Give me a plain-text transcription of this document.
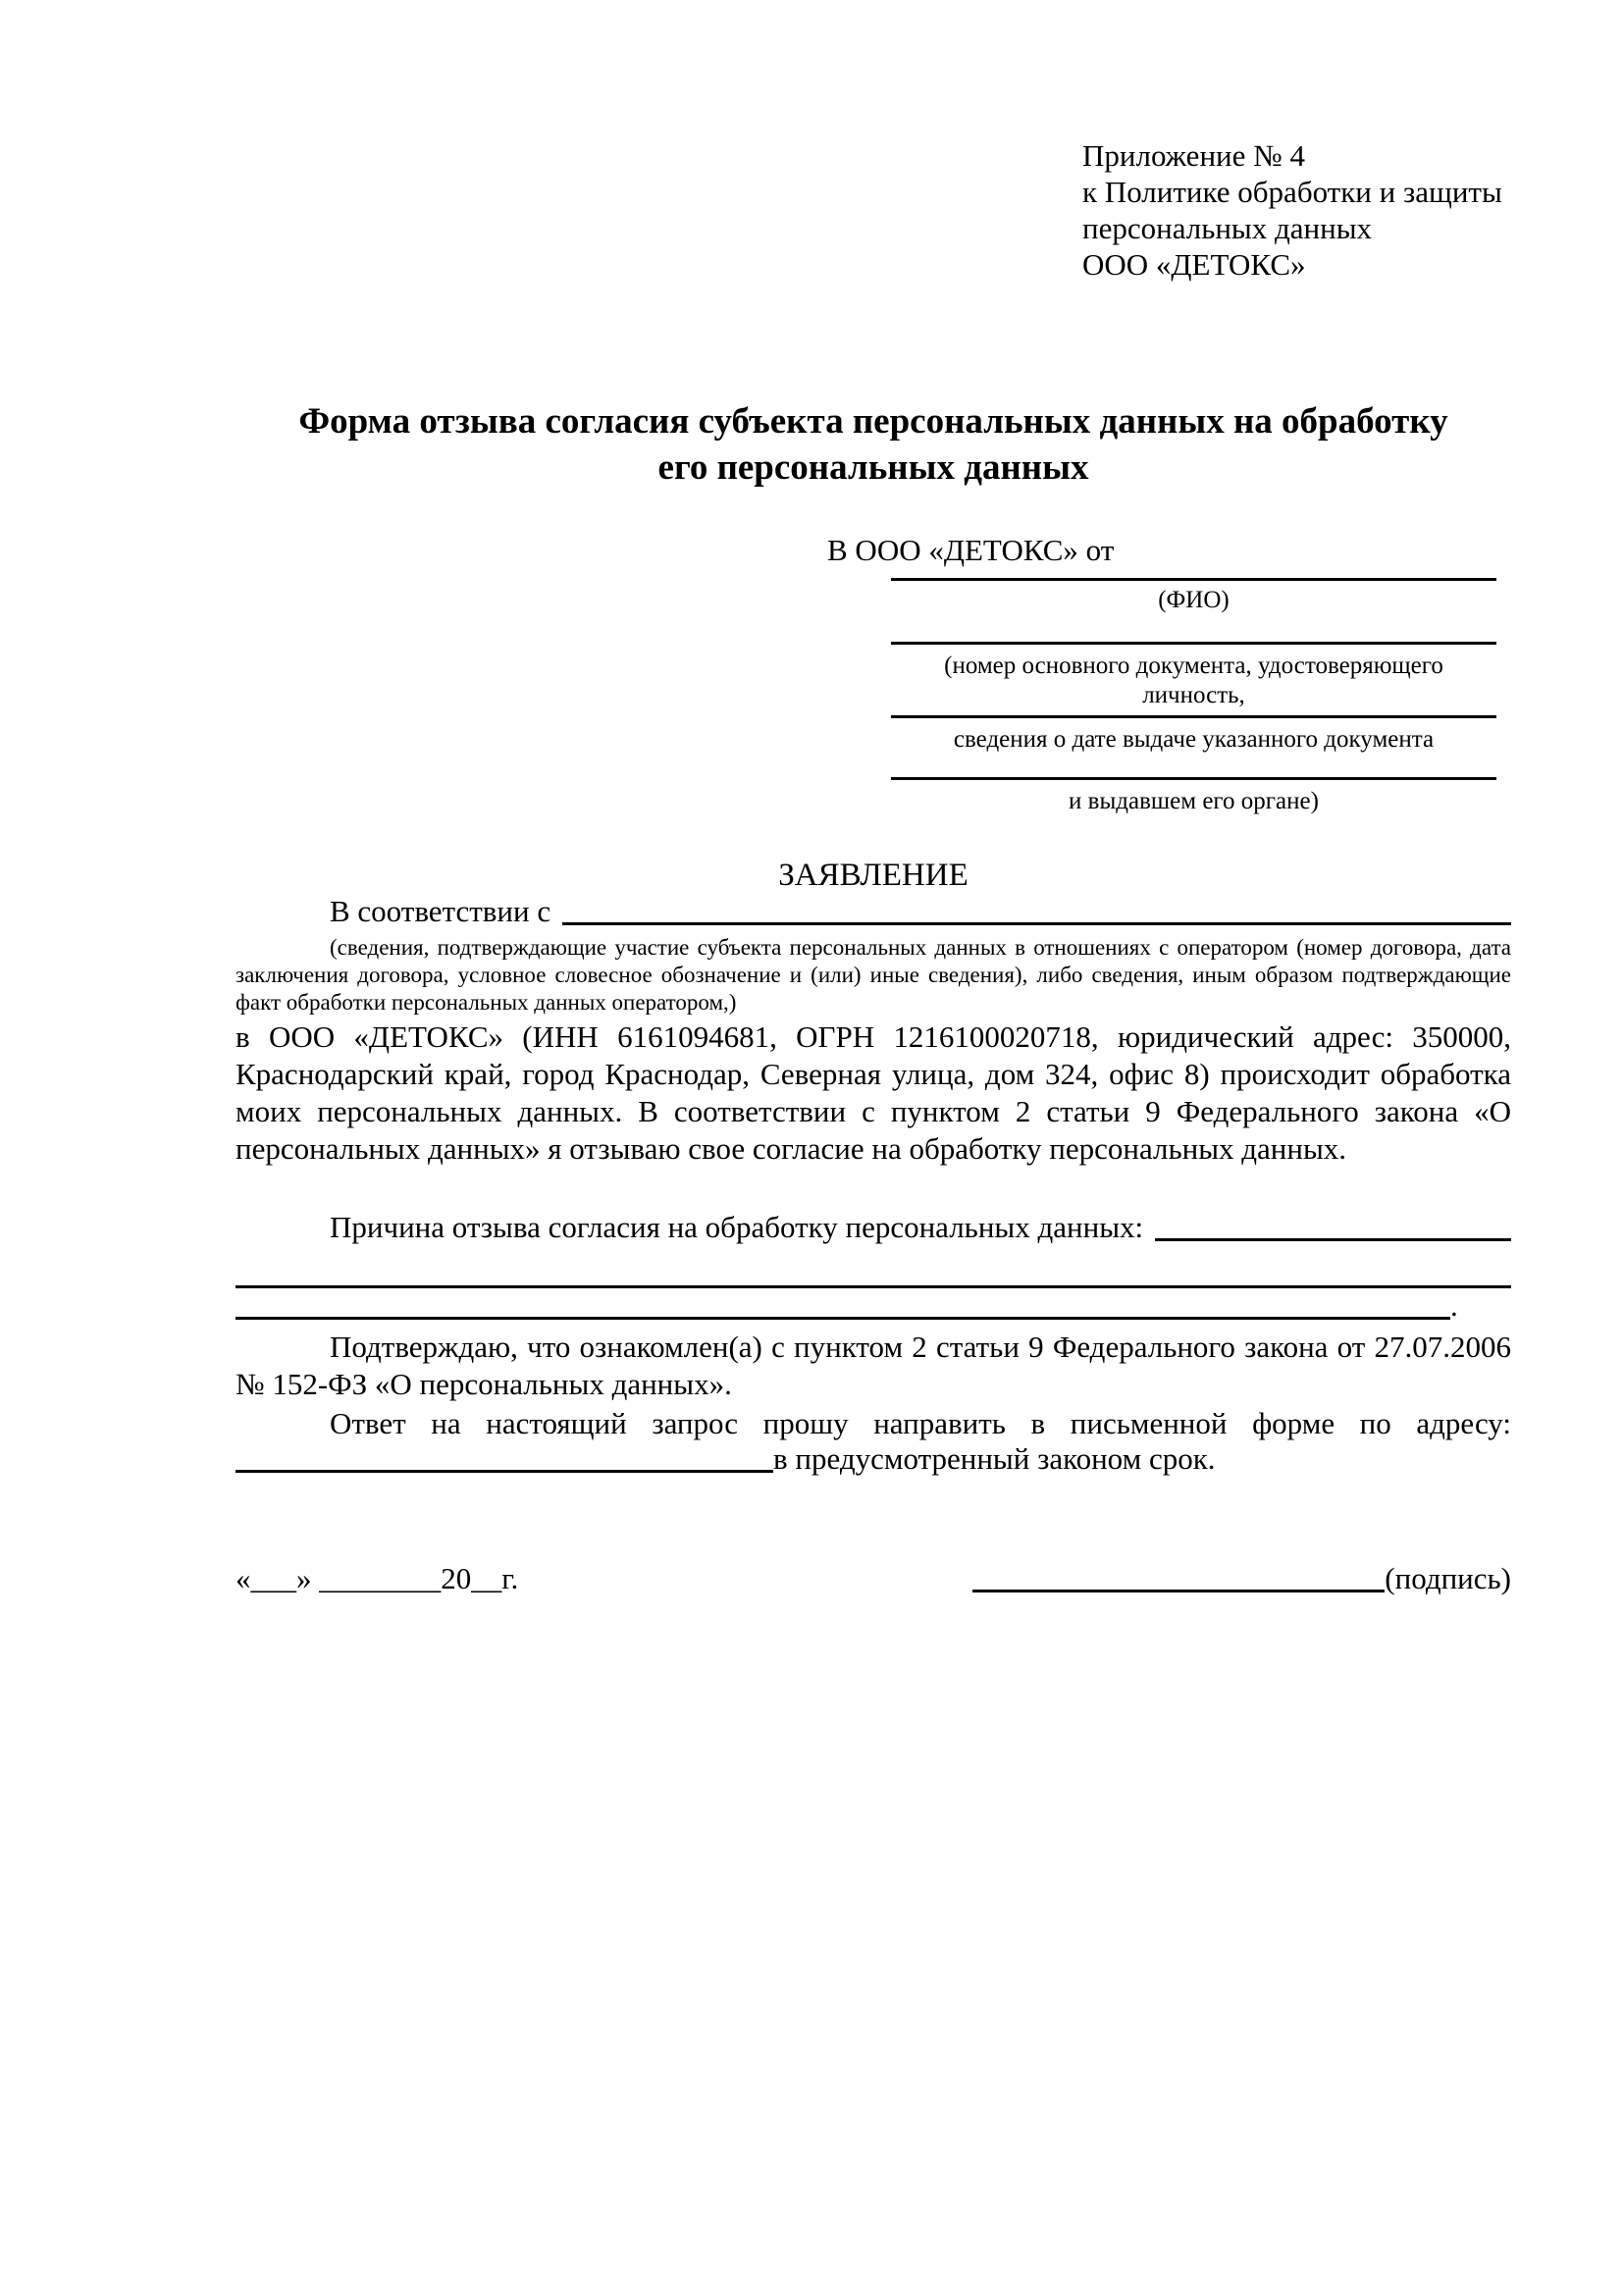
Приложение № 4
к Политике обработки и защиты
персональных данных
ООО «ДЕТОКС»
Форма отзыва согласия субъекта персональных данных на обработку его персональных данных
В ООО «ДЕТОКС» от
(ФИО)
(номер основного документа, удостоверяющего личность,
сведения о дате выдаче указанного документа
и выдавшем его органе)
ЗАЯВЛЕНИЕ
В соответствии с
(сведения, подтверждающие участие субъекта персональных данных в отношениях с оператором (номер договора, дата заключения договора, условное словесное обозначение и (или) иные сведения), либо сведения, иным образом подтверждающие факт обработки персональных данных оператором,)
в ООО «ДЕТОКС» (ИНН 6161094681, ОГРН 1216100020718, юридический адрес: 350000, Краснодарский край, город Краснодар, Северная улица, дом 324, офис 8) происходит обработка моих персональных данных. В соответствии с пунктом 2 статьи 9 Федерального закона «О персональных данных» я отзываю свое согласие на обработку персональных данных.
Причина отзыва согласия на обработку персональных данных:
.
Подтверждаю, что ознакомлен(а) с пунктом 2 статьи 9 Федерального закона от 27.07.2006 № 152-ФЗ «О персональных данных».
Ответ на настоящий запрос прошу направить в письменной форме по адресу:
в предусмотренный законом срок.
«___» ________20__г.	(подпись)
